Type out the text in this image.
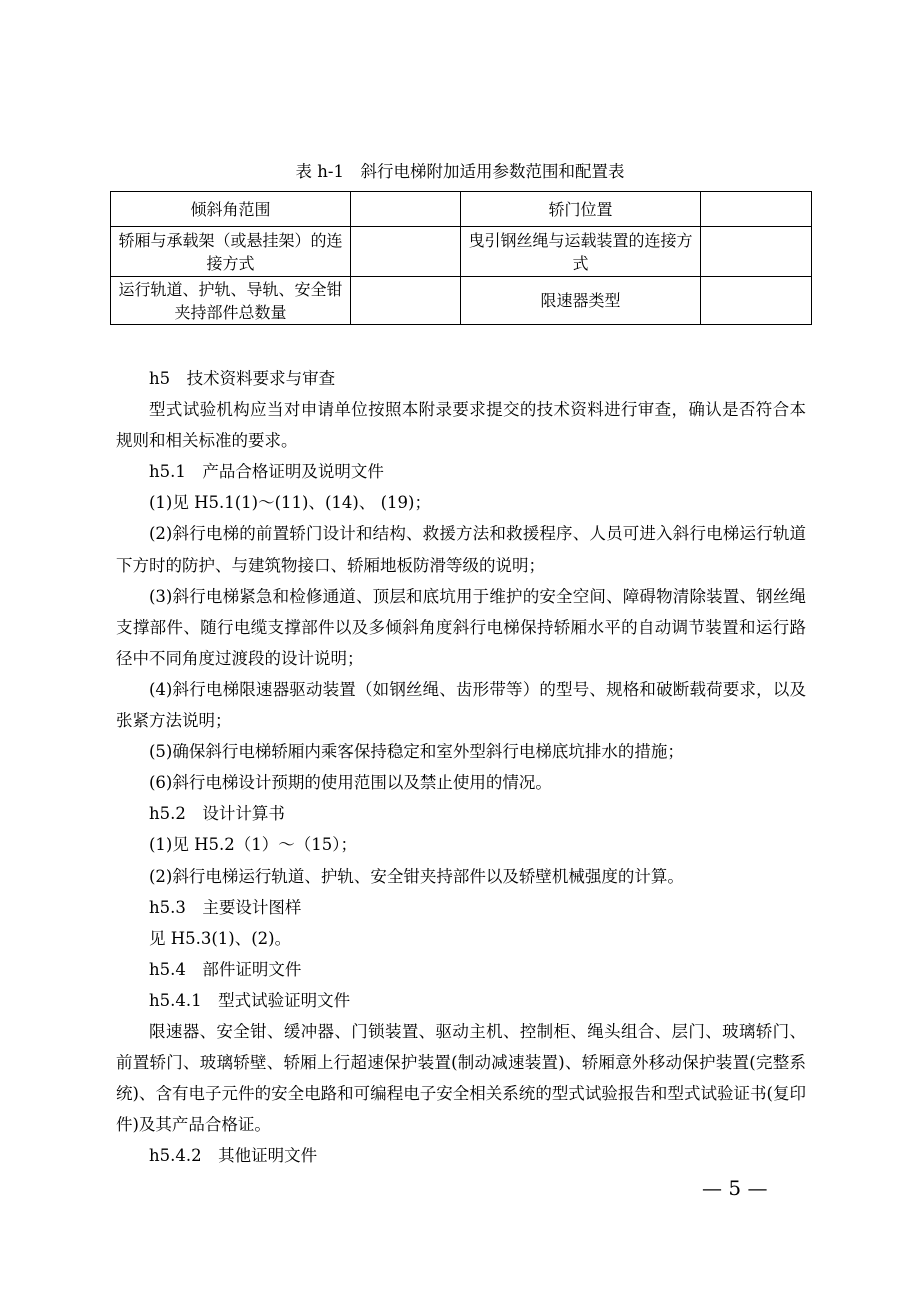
表 h-1　斜行电梯附加适用参数范围和配置表
倾斜角范围		轿门位置	
轿厢与承载架（或悬挂架）的连接方式		曳引钢丝绳与运载装置的连接方式	
运行轨道、护轨、导轨、安全钳夹持部件总数量		限速器类型	

h5　技术资料要求与审查

型式试验机构应当对申请单位按照本附录要求提交的技术资料进行审查，确认是否符合本规则和相关标准的要求。

h5.1　产品合格证明及说明文件

(1)见 H5.1(1)～(11)、(14)、 (19)；

(2)斜行电梯的前置轿门设计和结构、救援方法和救援程序、人员可进入斜行电梯运行轨道下方时的防护、与建筑物接口、轿厢地板防滑等级的说明；

(3)斜行电梯紧急和检修通道、顶层和底坑用于维护的安全空间、障碍物清除装置、钢丝绳支撑部件、随行电缆支撑部件以及多倾斜角度斜行电梯保持轿厢水平的自动调节装置和运行路径中不同角度过渡段的设计说明；

(4)斜行电梯限速器驱动装置（如钢丝绳、齿形带等）的型号、规格和破断载荷要求，以及张紧方法说明；

(5)确保斜行电梯轿厢内乘客保持稳定和室外型斜行电梯底坑排水的措施；

(6)斜行电梯设计预期的使用范围以及禁止使用的情况。

h5.2　设计计算书

(1)见 H5.2（1）～（15）；

(2)斜行电梯运行轨道、护轨、安全钳夹持部件以及轿壁机械强度的计算。

h5.3　主要设计图样

见 H5.3(1)、(2)。

h5.4　部件证明文件

h5.4.1　型式试验证明文件

限速器、安全钳、缓冲器、门锁装置、驱动主机、控制柜、绳头组合、层门、玻璃轿门、前置轿门、玻璃轿壁、轿厢上行超速保护装置(制动减速装置)、轿厢意外移动保护装置(完整系统)、含有电子元件的安全电路和可编程电子安全相关系统的型式试验报告和型式试验证书(复印件)及其产品合格证。

h5.4.2　其他证明文件

— 5 —
